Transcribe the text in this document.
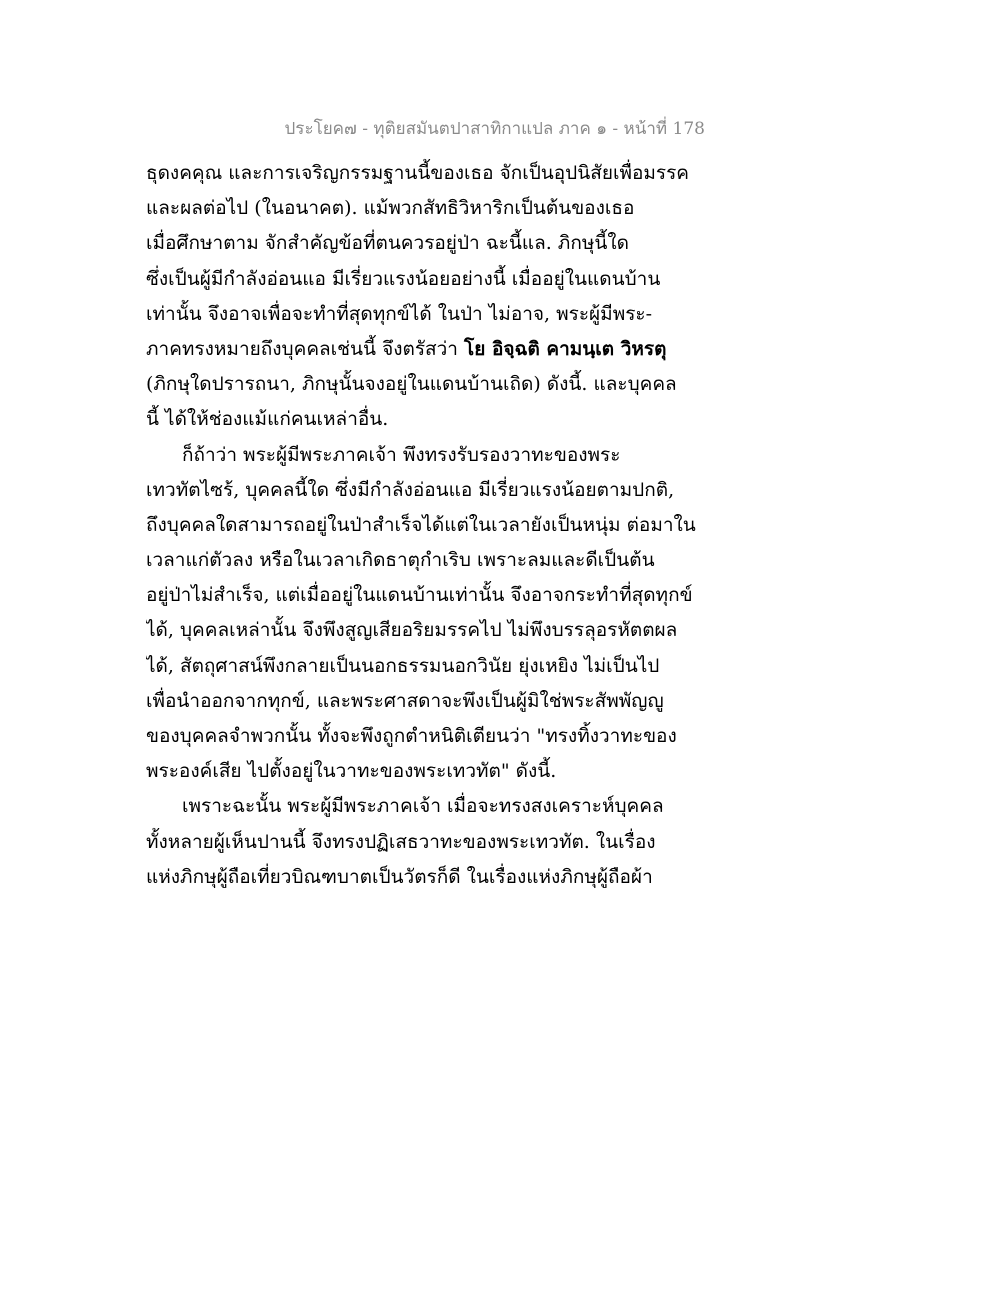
ประโยค๗ - ทุติยสมันตปาสาทิกาแปล ภาค ๑ - หน้าที่ 178
ธุดงคคุณ และการเจริญกรรมฐานนี้ของเธอ จักเป็นอุปนิสัยเพื่อมรรค
และผลต่อไป (ในอนาคต). แม้พวกสัทธิวิหาริกเป็นต้นของเธอ
เมื่อศึกษาตาม จักสำคัญข้อที่ตนควรอยู่ป่า ฉะนี้แล. ภิกษุนี้ใด
ซึ่งเป็นผู้มีกำลังอ่อนแอ มีเรี่ยวแรงน้อยอย่างนี้ เมื่ออยู่ในแดนบ้าน
เท่านั้น จึงอาจเพื่อจะทำที่สุดทุกข์ได้ ในป่า ไม่อาจ, พระผู้มีพระ-
ภาคทรงหมายถึงบุคคลเช่นนี้ จึงตรัสว่า โย อิจฺฉติ คามนฺเต วิหรตุ
(ภิกษุใดปรารถนา, ภิกษุนั้นจงอยู่ในแดนบ้านเถิด) ดังนี้. และบุคคล
นี้ ได้ให้ช่องแม้แก่คนเหล่าอื่น.
ก็ถ้าว่า พระผู้มีพระภาคเจ้า พึงทรงรับรองวาทะของพระ
เทวทัตไซร้, บุคคลนี้ใด ซึ่งมีกำลังอ่อนแอ มีเรี่ยวแรงน้อยตามปกติ,
ถึงบุคคลใดสามารถอยู่ในป่าสำเร็จได้แต่ในเวลายังเป็นหนุ่ม ต่อมาใน
เวลาแก่ตัวลง หรือในเวลาเกิดธาตุกำเริบ เพราะลมและดีเป็นต้น
อยู่ป่าไม่สำเร็จ, แต่เมื่ออยู่ในแดนบ้านเท่านั้น จึงอาจกระทำที่สุดทุกข์
ได้, บุคคลเหล่านั้น จึงพึงสูญเสียอริยมรรคไป ไม่พึงบรรลุอรหัตตผล
ได้, สัตถุศาสน์พึงกลายเป็นนอกธรรมนอกวินัย ยุ่งเหยิง ไม่เป็นไป
เพื่อนำออกจากทุกข์, และพระศาสดาจะพึงเป็นผู้มิใช่พระสัพพัญญู
ของบุคคลจำพวกนั้น ทั้งจะพึงถูกตำหนิติเตียนว่า "ทรงทิ้งวาทะของ
พระองค์เสีย ไปตั้งอยู่ในวาทะของพระเทวทัต" ดังนี้.
เพราะฉะนั้น พระผู้มีพระภาคเจ้า เมื่อจะทรงสงเคราะห์บุคคล
ทั้งหลายผู้เห็นปานนี้ จึงทรงปฏิเสธวาทะของพระเทวทัต. ในเรื่อง
แห่งภิกษุผู้ถือเที่ยวบิณฑบาตเป็นวัตรก็ดี ในเรื่องแห่งภิกษุผู้ถือผ้า
